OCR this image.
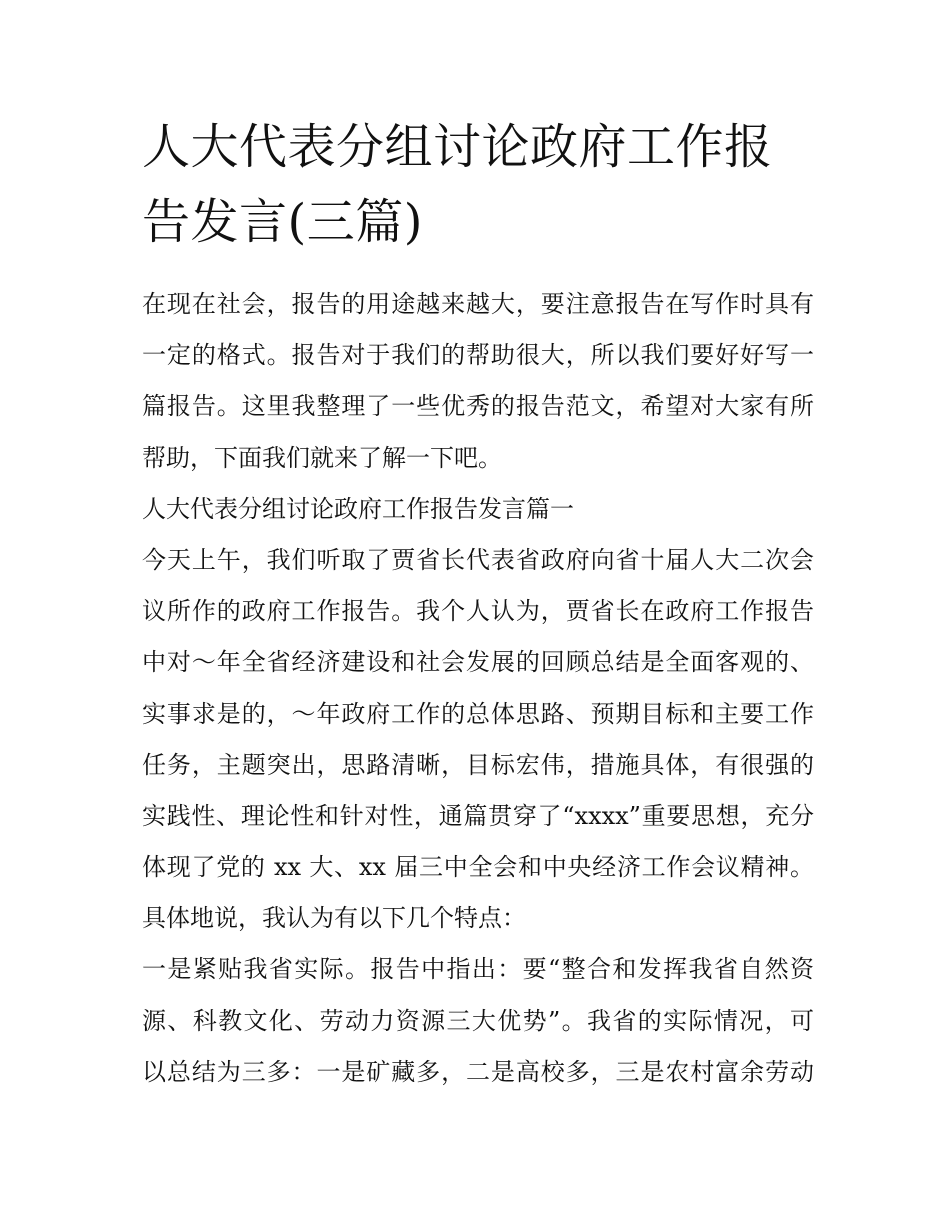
人大代表分组讨论政府工作报
告发言(三篇)
在现在社会，报告的用途越来越大，要注意报告在写作时具有
一定的格式。报告对于我们的帮助很大，所以我们要好好写一
篇报告。这里我整理了一些优秀的报告范文，希望对大家有所
帮助，下面我们就来了解一下吧。
人大代表分组讨论政府工作报告发言篇一
今天上午，我们听取了贾省长代表省政府向省十届人大二次会
议所作的政府工作报告。我个人认为，贾省长在政府工作报告
中对～年全省经济建设和社会发展的回顾总结是全面客观的、
实事求是的，～年政府工作的总体思路、预期目标和主要工作
任务，主题突出，思路清晰，目标宏伟，措施具体，有很强的
实践性、理论性和针对性，通篇贯穿了“xxxx”重要思想，充分
体现了党的 xx 大、xx 届三中全会和中央经济工作会议精神。
具体地说，我认为有以下几个特点：
一是紧贴我省实际。报告中指出：要“整合和发挥我省自然资
源、科教文化、劳动力资源三大优势”。我省的实际情况，可
以总结为三多：一是矿藏多，二是高校多，三是农村富余劳动
